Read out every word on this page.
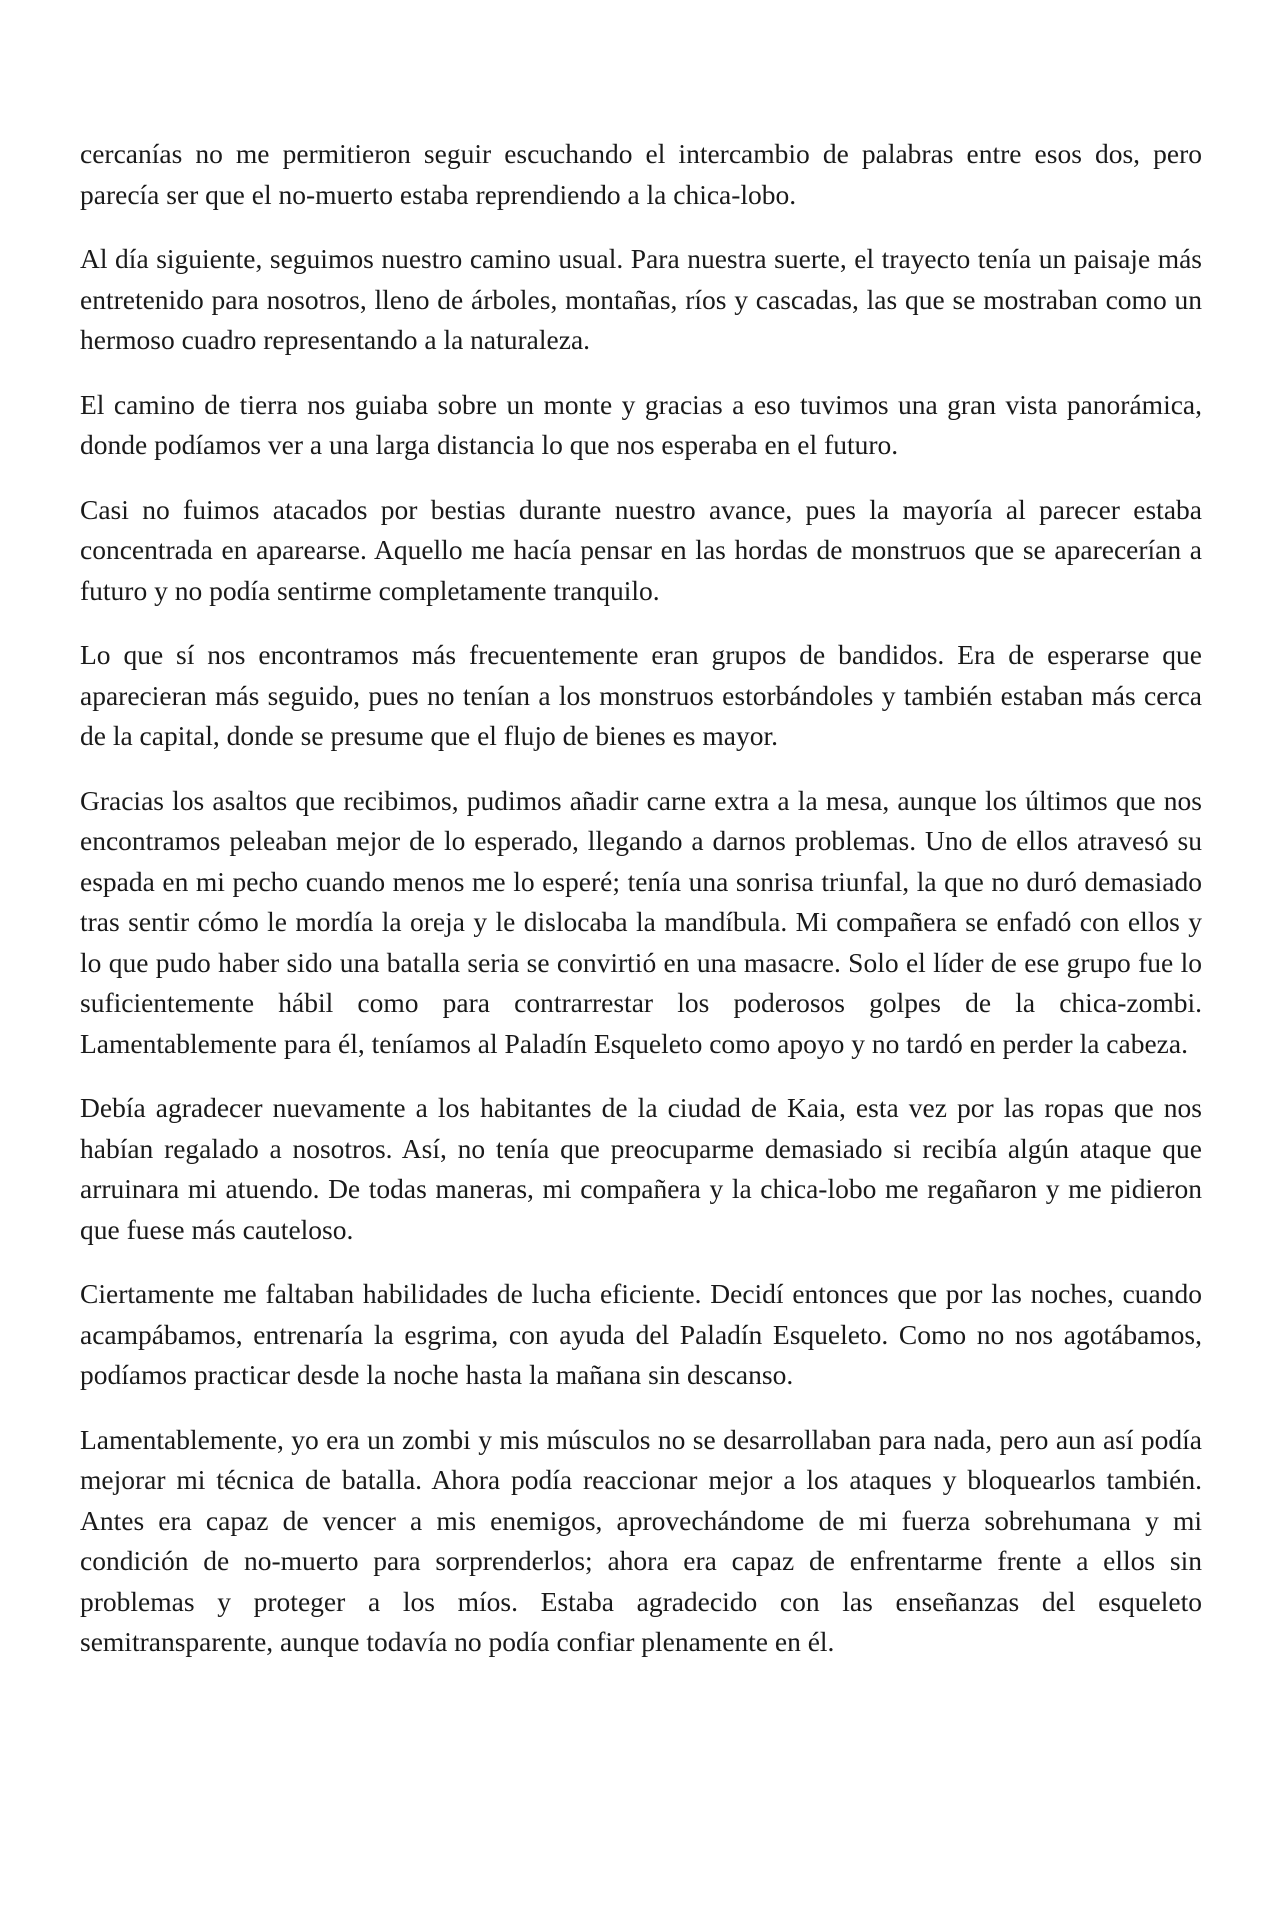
cercanías no me permitieron seguir escuchando el intercambio de palabras entre esos dos, pero parecía ser que el no-muerto estaba reprendiendo a la chica-lobo.

Al día siguiente, seguimos nuestro camino usual. Para nuestra suerte, el trayecto tenía un paisaje más entretenido para nosotros, lleno de árboles, montañas, ríos y cascadas, las que se mostraban como un hermoso cuadro representando a la naturaleza.

El camino de tierra nos guiaba sobre un monte y gracias a eso tuvimos una gran vista panorámica, donde podíamos ver a una larga distancia lo que nos esperaba en el futuro.

Casi no fuimos atacados por bestias durante nuestro avance, pues la mayoría al parecer estaba concentrada en aparearse. Aquello me hacía pensar en las hordas de monstruos que se aparecerían a futuro y no podía sentirme completamente tranquilo.

Lo que sí nos encontramos más frecuentemente eran grupos de bandidos. Era de esperarse que aparecieran más seguido, pues no tenían a los monstruos estorbándoles y también estaban más cerca de la capital, donde se presume que el flujo de bienes es mayor.

Gracias los asaltos que recibimos, pudimos añadir carne extra a la mesa, aunque los últimos que nos encontramos peleaban mejor de lo esperado, llegando a darnos problemas. Uno de ellos atravesó su espada en mi pecho cuando menos me lo esperé; tenía una sonrisa triunfal, la que no duró demasiado tras sentir cómo le mordía la oreja y le dislocaba la mandíbula. Mi compañera se enfadó con ellos y lo que pudo haber sido una batalla seria se convirtió en una masacre. Solo el líder de ese grupo fue lo suficientemente hábil como para contrarrestar los poderosos golpes de la chica-zombi. Lamentablemente para él, teníamos al Paladín Esqueleto como apoyo y no tardó en perder la cabeza.

Debía agradecer nuevamente a los habitantes de la ciudad de Kaia, esta vez por las ropas que nos habían regalado a nosotros. Así, no tenía que preocuparme demasiado si recibía algún ataque que arruinara mi atuendo. De todas maneras, mi compañera y la chica-lobo me regañaron y me pidieron que fuese más cauteloso.

Ciertamente me faltaban habilidades de lucha eficiente. Decidí entonces que por las noches, cuando acampábamos, entrenaría la esgrima, con ayuda del Paladín Esqueleto. Como no nos agotábamos, podíamos practicar desde la noche hasta la mañana sin descanso.

Lamentablemente, yo era un zombi y mis músculos no se desarrollaban para nada, pero aun así podía mejorar mi técnica de batalla. Ahora podía reaccionar mejor a los ataques y bloquearlos también. Antes era capaz de vencer a mis enemigos, aprovechándome de mi fuerza sobrehumana y mi condición de no-muerto para sorprenderlos; ahora era capaz de enfrentarme frente a ellos sin problemas y proteger a los míos. Estaba agradecido con las enseñanzas del esqueleto semitransparente, aunque todavía no podía confiar plenamente en él.
